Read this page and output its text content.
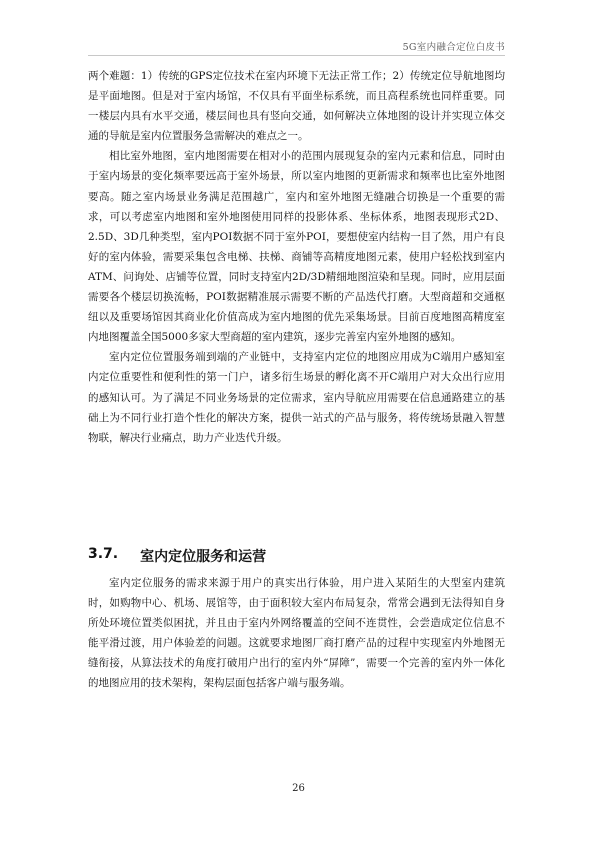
5G室内融合定位白皮书

两个难题：1）传统的GPS定位技术在室内环境下无法正常工作；2）传统定位导航地图均是平面地图。但是对于室内场馆，不仅具有平面坐标系统，而且高程系统也同样重要。同一楼层内具有水平交通，楼层间也具有竖向交通，如何解决立体地图的设计并实现立体交通的导航是室内位置服务急需解决的难点之一。

相比室外地图，室内地图需要在相对小的范围内展现复杂的室内元素和信息，同时由于室内场景的变化频率要远高于室外场景，所以室内地图的更新需求和频率也比室外地图要高。随之室内场景业务满足范围越广，室内和室外地图无缝融合切换是一个重要的需求，可以考虑室内地图和室外地图使用同样的投影体系、坐标体系，地图表现形式2D、2.5D、3D几种类型，室内POI数据不同于室外POI，要想使室内结构一目了然，用户有良好的室内体验，需要采集包含电梯、扶梯、商铺等高精度地图元素，使用户轻松找到室内ATM、问询处、店铺等位置，同时支持室内2D/3D精细地图渲染和呈现。同时，应用层面需要各个楼层切换流畅，POI数据精准展示需要不断的产品迭代打磨。大型商超和交通枢纽以及重要场馆因其商业化价值高成为室内地图的优先采集场景。目前百度地图高精度室内地图覆盖全国5000多家大型商超的室内建筑，逐步完善室内室外地图的感知。

室内定位位置服务端到端的产业链中，支持室内定位的地图应用成为C端用户感知室内定位重要性和便利性的第一门户，诸多衍生场景的孵化离不开C端用户对大众出行应用的感知认可。为了满足不同业务场景的定位需求，室内导航应用需要在信息通路建立的基础上为不同行业打造个性化的解决方案，提供一站式的产品与服务，将传统场景融入智慧物联，解决行业痛点，助力产业迭代升级。

3.7. 室内定位服务和运营

室内定位服务的需求来源于用户的真实出行体验，用户进入某陌生的大型室内建筑时，如购物中心、机场、展馆等，由于面积较大室内布局复杂，常常会遇到无法得知自身所处环境位置类似困扰，并且由于室内外网络覆盖的空间不连贯性，会尝造成定位信息不能平滑过渡，用户体验差的问题。这就要求地图厂商打磨产品的过程中实现室内外地图无缝衔接，从算法技术的角度打破用户出行的室内外“屏障”，需要一个完善的室内外一体化的地图应用的技术架构，架构层面包括客户端与服务端。

26
